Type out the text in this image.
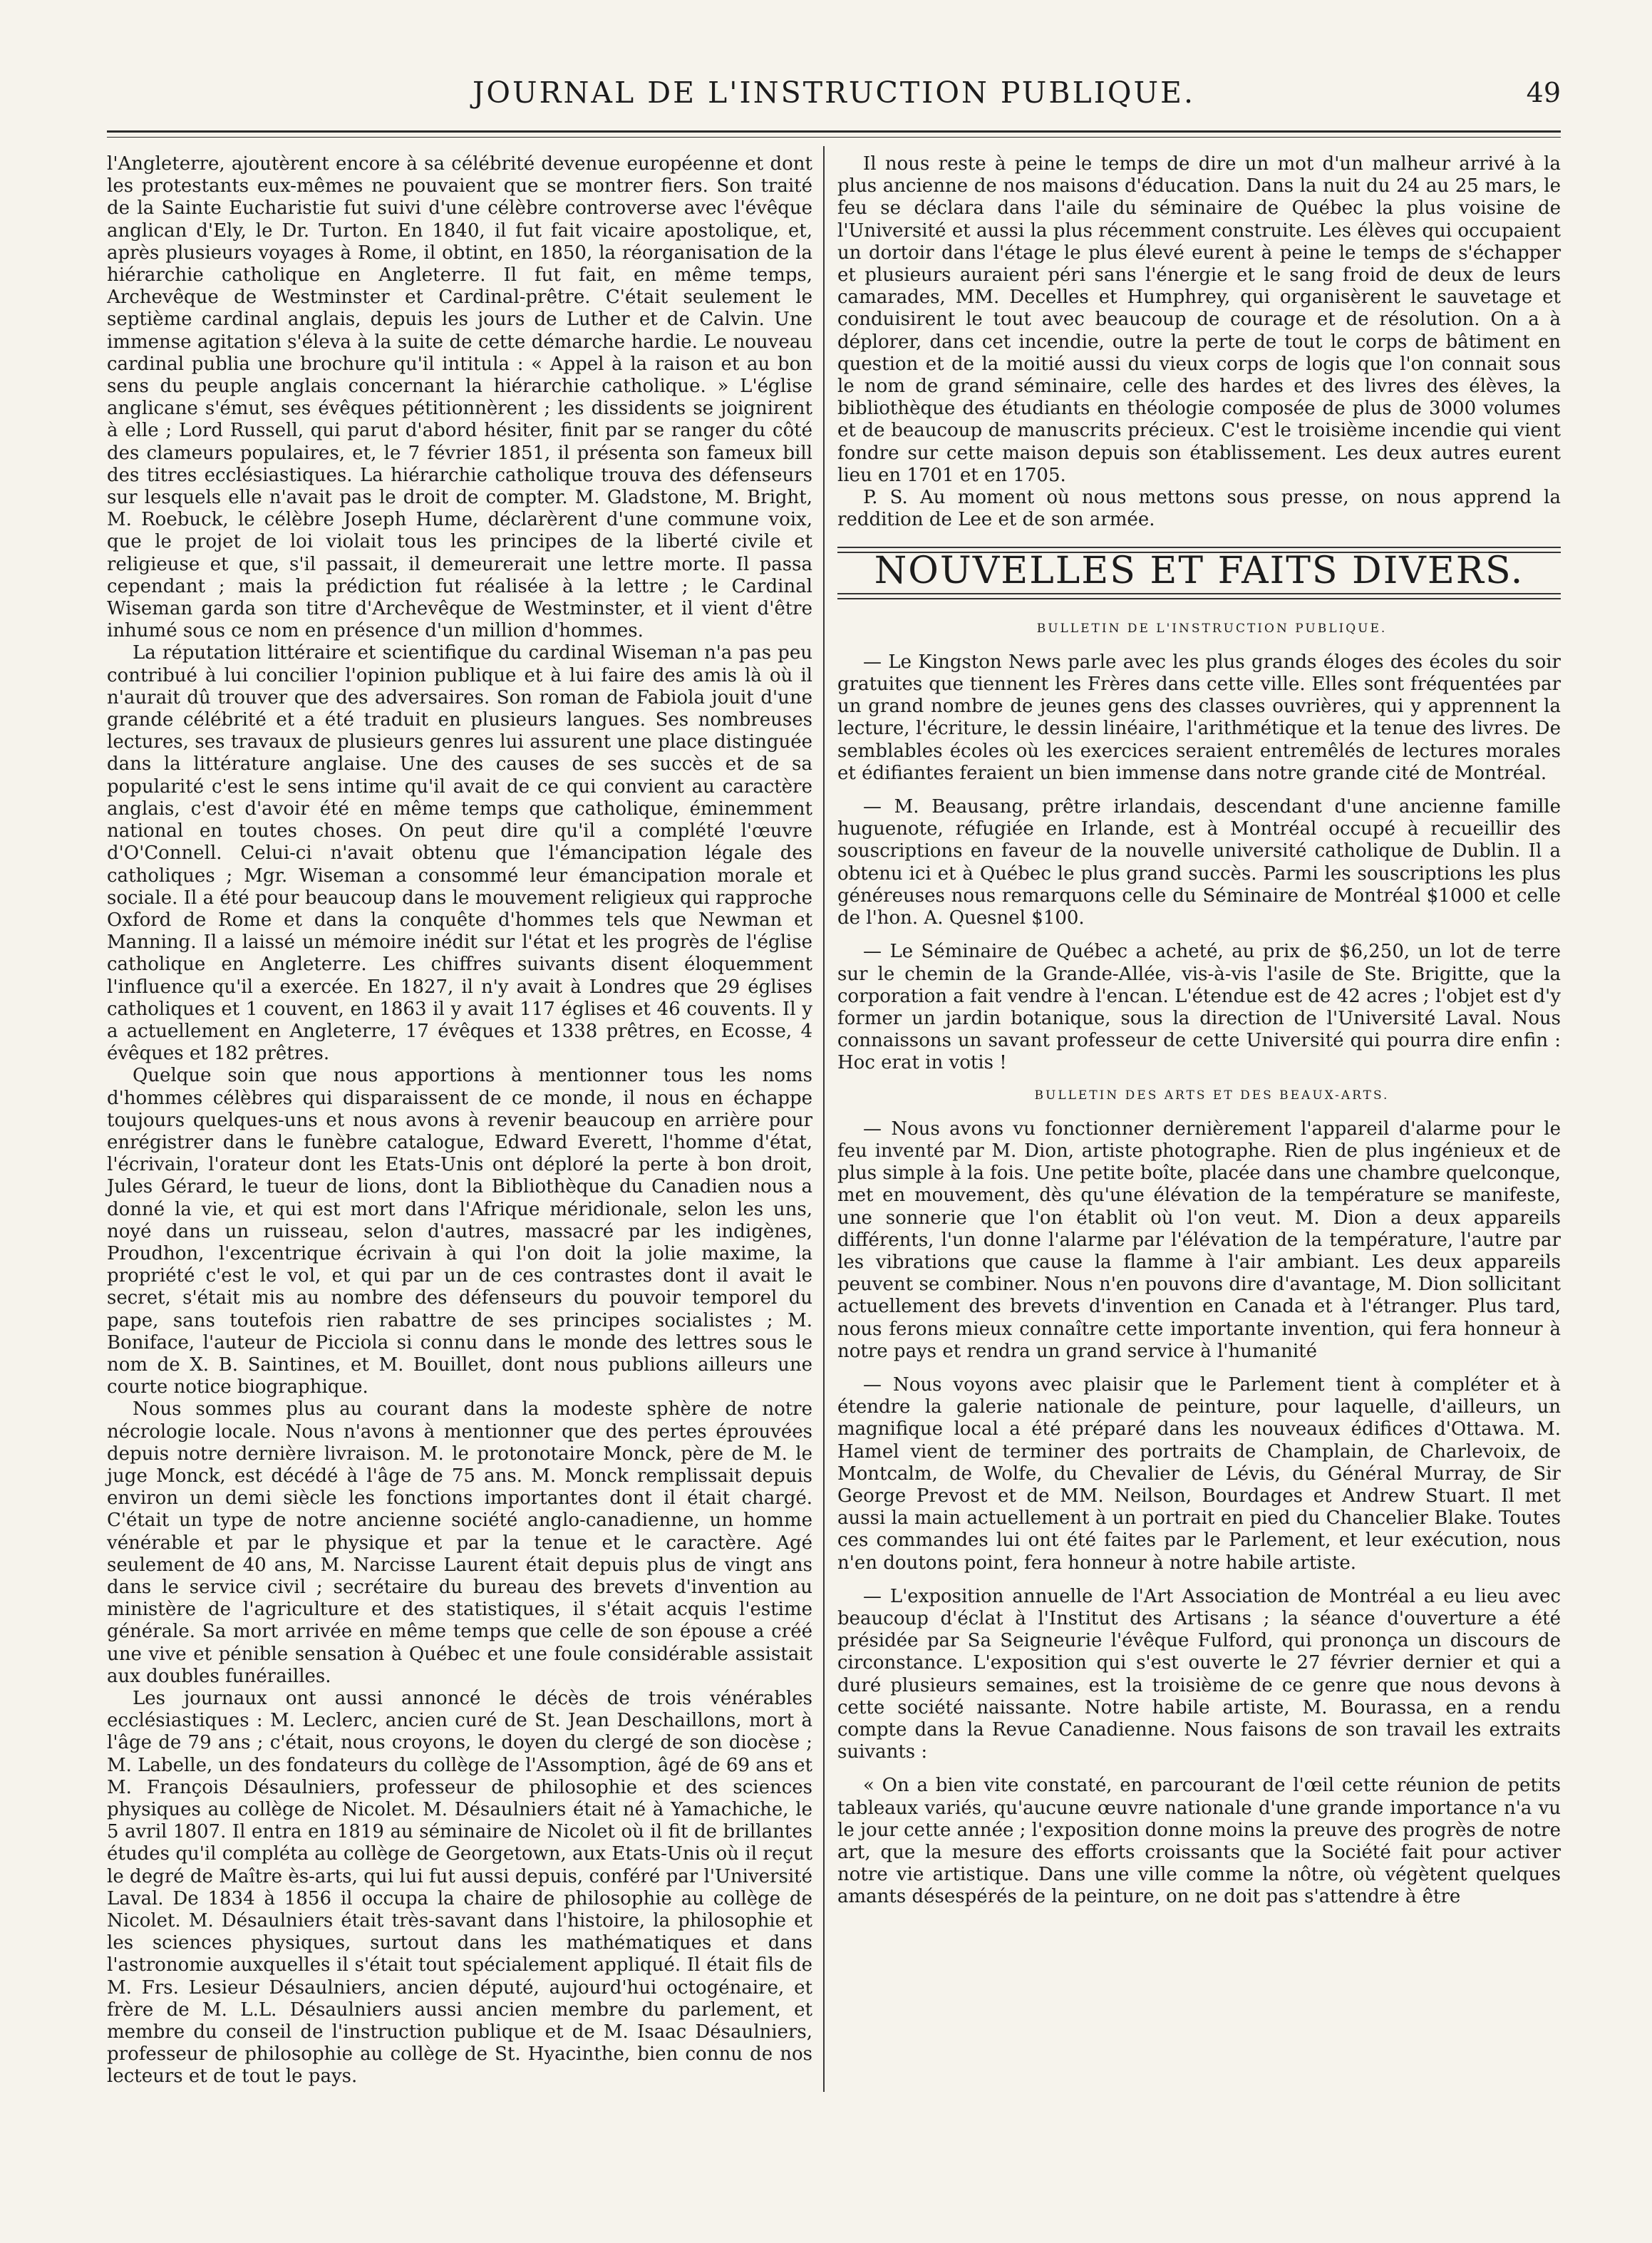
JOURNAL DE L'INSTRUCTION PUBLIQUE.	49

l'Angleterre, ajoutèrent encore à sa célébrité devenue européenne et dont les protestants eux-mêmes ne pouvaient que se montrer fiers. Son traité de la Sainte Eucharistie fut suivi d'une célèbre controverse avec l'évêque anglican d'Ely, le Dr. Turton. En 1840, il fut fait vicaire apostolique, et, après plusieurs voyages à Rome, il obtint, en 1850, la réorganisation de la hiérarchie catholique en Angleterre. Il fut fait, en même temps, Archevêque de Westminster et Cardinal-prêtre. C'était seulement le septième cardinal anglais, depuis les jours de Luther et de Calvin. Une immense agitation s'éleva à la suite de cette démarche hardie. Le nouveau cardinal publia une brochure qu'il intitula : « Appel à la raison et au bon sens du peuple anglais concernant la hiérarchie catholique. » L'église anglicane s'émut, ses évêques pétitionnèrent ; les dissidents se joignirent à elle ; Lord Russell, qui parut d'abord hésiter, finit par se ranger du côté des clameurs populaires, et, le 7 février 1851, il présenta son fameux bill des titres ecclésiastiques. La hiérarchie catholique trouva des défenseurs sur lesquels elle n'avait pas le droit de compter. M. Gladstone, M. Bright, M. Roebuck, le célèbre Joseph Hume, déclarèrent d'une commune voix, que le projet de loi violait tous les principes de la liberté civile et religieuse et que, s'il passait, il demeurerait une lettre morte. Il passa cependant ; mais la prédiction fut réalisée à la lettre ; le Cardinal Wiseman garda son titre d'Archevêque de Westminster, et il vient d'être inhumé sous ce nom en présence d'un million d'hommes.

La réputation littéraire et scientifique du cardinal Wiseman n'a pas peu contribué à lui concilier l'opinion publique et à lui faire des amis là où il n'aurait dû trouver que des adversaires. Son roman de Fabiola jouit d'une grande célébrité et a été traduit en plusieurs langues. Ses nombreuses lectures, ses travaux de plusieurs genres lui assurent une place distinguée dans la littérature anglaise. Une des causes de ses succès et de sa popularité c'est le sens intime qu'il avait de ce qui convient au caractère anglais, c'est d'avoir été en même temps que catholique, éminemment national en toutes choses. On peut dire qu'il a complété l'œuvre d'O'Connell. Celui-ci n'avait obtenu que l'émancipation légale des catholiques ; Mgr. Wiseman a consommé leur émancipation morale et sociale. Il a été pour beaucoup dans le mouvement religieux qui rapproche Oxford de Rome et dans la conquête d'hommes tels que Newman et Manning. Il a laissé un mémoire inédit sur l'état et les progrès de l'église catholique en Angleterre. Les chiffres suivants disent éloquemment l'influence qu'il a exercée. En 1827, il n'y avait à Londres que 29 églises catholiques et 1 couvent, en 1863 il y avait 117 églises et 46 couvents. Il y a actuellement en Angleterre, 17 évêques et 1338 prêtres, en Ecosse, 4 évêques et 182 prêtres.

Quelque soin que nous apportions à mentionner tous les noms d'hommes célèbres qui disparaissent de ce monde, il nous en échappe toujours quelques-uns et nous avons à revenir beaucoup en arrière pour enrégistrer dans le funèbre catalogue, Edward Everett, l'homme d'état, l'écrivain, l'orateur dont les Etats-Unis ont déploré la perte à bon droit, Jules Gérard, le tueur de lions, dont la Bibliothèque du Canadien nous a donné la vie, et qui est mort dans l'Afrique méridionale, selon les uns, noyé dans un ruisseau, selon d'autres, massacré par les indigènes, Proudhon, l'excentrique écrivain à qui l'on doit la jolie maxime, la propriété c'est le vol, et qui par un de ces contrastes dont il avait le secret, s'était mis au nombre des défenseurs du pouvoir temporel du pape, sans toutefois rien rabattre de ses principes socialistes ; M. Boniface, l'auteur de Picciola si connu dans le monde des lettres sous le nom de X. B. Saintines, et M. Bouillet, dont nous publions ailleurs une courte notice biographique.

Nous sommes plus au courant dans la modeste sphère de notre nécrologie locale. Nous n'avons à mentionner que des pertes éprouvées depuis notre dernière livraison. M. le protonotaire Monck, père de M. le juge Monck, est décédé à l'âge de 75 ans. M. Monck remplissait depuis environ un demi siècle les fonctions importantes dont il était chargé. C'était un type de notre ancienne société anglo-canadienne, un homme vénérable et par le physique et par la tenue et le caractère. Agé seulement de 40 ans, M. Narcisse Laurent était depuis plus de vingt ans dans le service civil ; secrétaire du bureau des brevets d'invention au ministère de l'agriculture et des statistiques, il s'était acquis l'estime générale. Sa mort arrivée en même temps que celle de son épouse a créé une vive et pénible sensation à Québec et une foule considérable assistait aux doubles funérailles.

Les journaux ont aussi annoncé le décès de trois vénérables ecclésiastiques : M. Leclerc, ancien curé de St. Jean Deschaillons, mort à l'âge de 79 ans ; c'était, nous croyons, le doyen du clergé de son diocèse ; M. Labelle, un des fondateurs du collège de l'Assomption, âgé de 69 ans et M. François Désaulniers, professeur de philosophie et des sciences physiques au collège de Nicolet. M. Désaulniers était né à Yamachiche, le 5 avril 1807. Il entra en 1819 au séminaire de Nicolet où il fit de brillantes études qu'il compléta au collège de Georgetown, aux Etats-Unis où il reçut le degré de Maître ès-arts, qui lui fut aussi depuis, conféré par l'Université Laval. De 1834 à 1856 il occupa la chaire de philosophie au collège de Nicolet. M. Désaulniers était très-savant dans l'histoire, la philosophie et les sciences physiques, surtout dans les mathématiques et dans l'astronomie auxquelles il s'était tout spécialement appliqué. Il était fils de M. Frs. Lesieur Désaulniers, ancien député, aujourd'hui octogénaire, et frère de M. L.L. Désaulniers aussi ancien membre du parlement, et membre du conseil de l'instruction publique et de M. Isaac Désaulniers, professeur de philosophie au collège de St. Hyacinthe, bien connu de nos lecteurs et de tout le pays.

Il nous reste à peine le temps de dire un mot d'un malheur arrivé à la plus ancienne de nos maisons d'éducation. Dans la nuit du 24 au 25 mars, le feu se déclara dans l'aile du séminaire de Québec la plus voisine de l'Université et aussi la plus récemment construite. Les élèves qui occupaient un dortoir dans l'étage le plus élevé eurent à peine le temps de s'échapper et plusieurs auraient péri sans l'énergie et le sang froid de deux de leurs camarades, MM. Decelles et Humphrey, qui organisèrent le sauvetage et conduisirent le tout avec beaucoup de courage et de résolution. On a à déplorer, dans cet incendie, outre la perte de tout le corps de bâtiment en question et de la moitié aussi du vieux corps de logis que l'on connait sous le nom de grand séminaire, celle des hardes et des livres des élèves, la bibliothèque des étudiants en théologie composée de plus de 3000 volumes et de beaucoup de manuscrits précieux. C'est le troisième incendie qui vient fondre sur cette maison depuis son établissement. Les deux autres eurent lieu en 1701 et en 1705.

P. S. Au moment où nous mettons sous presse, on nous apprend la reddition de Lee et de son armée.

NOUVELLES ET FAITS DIVERS.

BULLETIN DE L'INSTRUCTION PUBLIQUE.

— Le Kingston News parle avec les plus grands éloges des écoles du soir gratuites que tiennent les Frères dans cette ville. Elles sont fréquentées par un grand nombre de jeunes gens des classes ouvrières, qui y apprennent la lecture, l'écriture, le dessin linéaire, l'arithmétique et la tenue des livres. De semblables écoles où les exercices seraient entremêlés de lectures morales et édifiantes feraient un bien immense dans notre grande cité de Montréal.

— M. Beausang, prêtre irlandais, descendant d'une ancienne famille huguenote, réfugiée en Irlande, est à Montréal occupé à recueillir des souscriptions en faveur de la nouvelle université catholique de Dublin. Il a obtenu ici et à Québec le plus grand succès. Parmi les souscriptions les plus généreuses nous remarquons celle du Séminaire de Montréal $1000 et celle de l'hon. A. Quesnel $100.

— Le Séminaire de Québec a acheté, au prix de $6,250, un lot de terre sur le chemin de la Grande-Allée, vis-à-vis l'asile de Ste. Brigitte, que la corporation a fait vendre à l'encan. L'étendue est de 42 acres ; l'objet est d'y former un jardin botanique, sous la direction de l'Université Laval. Nous connaissons un savant professeur de cette Université qui pourra dire enfin : Hoc erat in votis !

BULLETIN DES ARTS ET DES BEAUX-ARTS.

— Nous avons vu fonctionner dernièrement l'appareil d'alarme pour le feu inventé par M. Dion, artiste photographe. Rien de plus ingénieux et de plus simple à la fois. Une petite boîte, placée dans une chambre quelconque, met en mouvement, dès qu'une élévation de la température se manifeste, une sonnerie que l'on établit où l'on veut. M. Dion a deux appareils différents, l'un donne l'alarme par l'élévation de la température, l'autre par les vibrations que cause la flamme à l'air ambiant. Les deux appareils peuvent se combiner. Nous n'en pouvons dire d'avantage, M. Dion sollicitant actuellement des brevets d'invention en Canada et à l'étranger. Plus tard, nous ferons mieux connaître cette importante invention, qui fera honneur à notre pays et rendra un grand service à l'humanité

— Nous voyons avec plaisir que le Parlement tient à compléter et à étendre la galerie nationale de peinture, pour laquelle, d'ailleurs, un magnifique local a été préparé dans les nouveaux édifices d'Ottawa. M. Hamel vient de terminer des portraits de Champlain, de Charlevoix, de Montcalm, de Wolfe, du Chevalier de Lévis, du Général Murray, de Sir George Prevost et de MM. Neilson, Bourdages et Andrew Stuart. Il met aussi la main actuellement à un portrait en pied du Chancelier Blake. Toutes ces commandes lui ont été faites par le Parlement, et leur exécution, nous n'en doutons point, fera honneur à notre habile artiste.

— L'exposition annuelle de l'Art Association de Montréal a eu lieu avec beaucoup d'éclat à l'Institut des Artisans ; la séance d'ouverture a été présidée par Sa Seigneurie l'évêque Fulford, qui prononça un discours de circonstance. L'exposition qui s'est ouverte le 27 février dernier et qui a duré plusieurs semaines, est la troisième de ce genre que nous devons à cette société naissante. Notre habile artiste, M. Bourassa, en a rendu compte dans la Revue Canadienne. Nous faisons de son travail les extraits suivants :

« On a bien vite constaté, en parcourant de l'œil cette réunion de petits tableaux variés, qu'aucune œuvre nationale d'une grande importance n'a vu le jour cette année ; l'exposition donne moins la preuve des progrès de notre art, que la mesure des efforts croissants que la Société fait pour activer notre vie artistique. Dans une ville comme la nôtre, où végètent quelques amants désespérés de la peinture, on ne doit pas s'attendre à être
